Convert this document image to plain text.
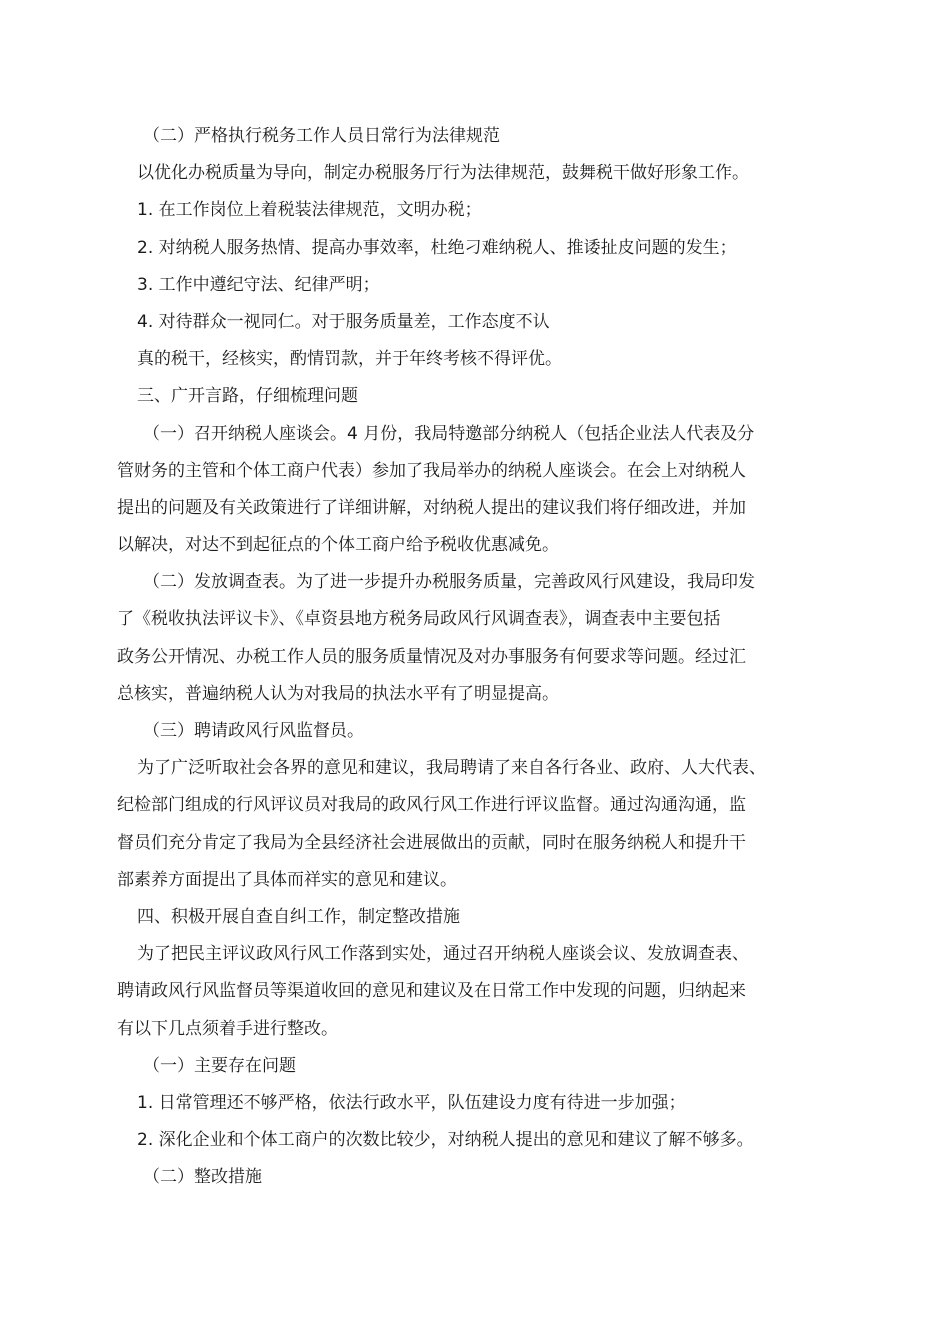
（二）严格执行税务工作人员日常行为法律规范
以优化办税质量为导向，制定办税服务厅行为法律规范，鼓舞税干做好形象工作。
1. 在工作岗位上着税装法律规范，文明办税；
2. 对纳税人服务热情、提高办事效率，杜绝刁难纳税人、推诿扯皮问题的发生；
3. 工作中遵纪守法、纪律严明；
4. 对待群众一视同仁。对于服务质量差，工作态度不认
真的税干，经核实，酌情罚款，并于年终考核不得评优。
三、广开言路，仔细梳理问题
（一）召开纳税人座谈会。4 月份，我局特邀部分纳税人（包括企业法人代表及分
管财务的主管和个体工商户代表）参加了我局举办的纳税人座谈会。在会上对纳税人
提出的问题及有关政策进行了详细讲解，对纳税人提出的建议我们将仔细改进，并加
以解决，对达不到起征点的个体工商户给予税收优惠减免。
（二）发放调查表。为了进一步提升办税服务质量，完善政风行风建设，我局印发
了《税收执法评议卡》、《卓资县地方税务局政风行风调查表》，调查表中主要包括
政务公开情况、办税工作人员的服务质量情况及对办事服务有何要求等问题。经过汇
总核实，普遍纳税人认为对我局的执法水平有了明显提高。
（三）聘请政风行风监督员。
为了广泛听取社会各界的意见和建议，我局聘请了来自各行各业、政府、人大代表、
纪检部门组成的行风评议员对我局的政风行风工作进行评议监督。通过沟通沟通，监
督员们充分肯定了我局为全县经济社会进展做出的贡献，同时在服务纳税人和提升干
部素养方面提出了具体而祥实的意见和建议。
四、积极开展自查自纠工作，制定整改措施
为了把民主评议政风行风工作落到实处，通过召开纳税人座谈会议、发放调查表、
聘请政风行风监督员等渠道收回的意见和建议及在日常工作中发现的问题，归纳起来
有以下几点须着手进行整改。
（一）主要存在问题
1. 日常管理还不够严格，依法行政水平，队伍建设力度有待进一步加强；
2. 深化企业和个体工商户的次数比较少，对纳税人提出的意见和建议了解不够多。
（二）整改措施
